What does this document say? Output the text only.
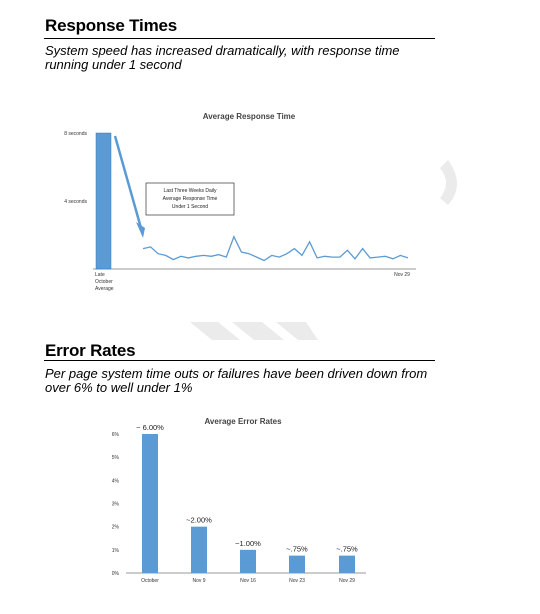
Response Times
System speed has increased dramatically, with response time running under 1 second
Average Response Time
8 seconds
4 seconds
Late
October
Average
Nov 29
Last Three Weeks Daily
Average Response Time
Under 1 Second
Error Rates
Per page system time outs or failures have been driven down from over 6% to well under 1%
Average Error Rates
0%
1%
2%
3%
4%
5%
6%
~ 6.00%
October
~2.00%
Nov 9
~1.00%
Nov 16
~.75%
Nov 23
~.75%
Nov 29
